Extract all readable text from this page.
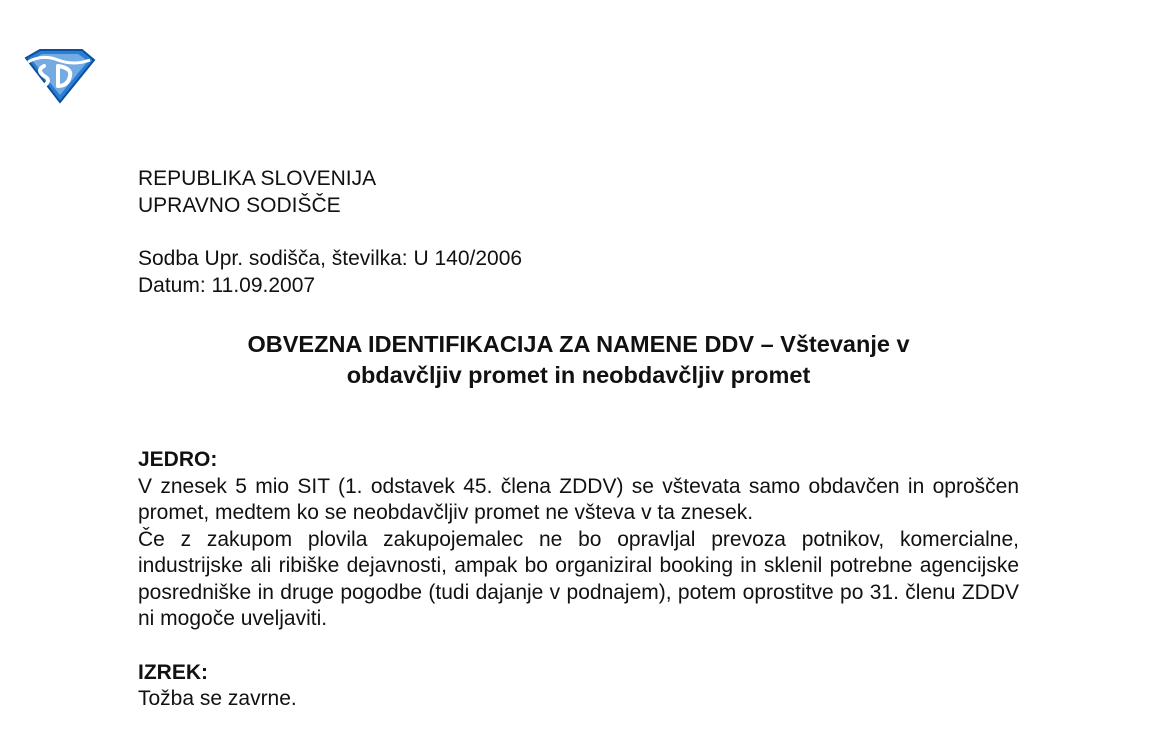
REPUBLIKA SLOVENIJA
UPRAVNO SODIŠČE
Sodba Upr. sodišča, številka: U 140/2006
Datum: 11.09.2007
OBVEZNA IDENTIFIKACIJA ZA NAMENE DDV – Vštevanje v
obdavčljiv promet in neobdavčljiv promet
JEDRO:
V znesek 5 mio SIT (1. odstavek 45. člena ZDDV) se vštevata samo obdavčen in oproščen promet, medtem ko se neobdavčljiv promet ne všteva v ta znesek.
Če z zakupom plovila zakupojemalec ne bo opravljal prevoza potnikov, komercialne, industrijske ali ribiške dejavnosti, ampak bo organiziral booking in sklenil potrebne agencijske posredniške in druge pogodbe (tudi dajanje v podnajem), potem oprostitve po 31. členu ZDDV ni mogoče uveljaviti.
IZREK:
Tožba se zavrne.
